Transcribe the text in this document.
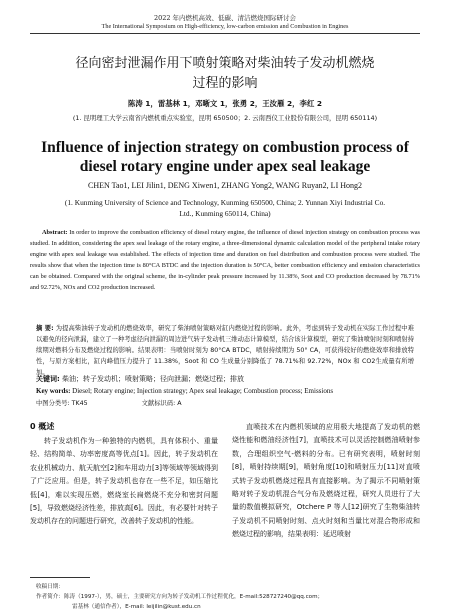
2022 年内燃机高效、低碳、清洁燃烧国际研讨会
The International Symposium on High-efficiency, low-carbon emission and Combustion in Engines
径向密封泄漏作用下喷射策略对柴油转子发动机燃烧
过程的影响
陈涛 1，雷基林 1，邓晰文 1，张勇 2，王汝雁 2，李红 2
(1. 昆明理工大学云南省内燃机重点实验室，昆明 650500；2. 云南西仪工业股份有限公司，昆明 650114)
Influence of injection strategy on combustion process of
diesel rotary engine under apex seal leakage
CHEN Tao1, LEI Jilin1, DENG Xiwen1, ZHANG Yong2, WANG Ruyan2, LI Hong2
(1. Kunming University of Science and Technology, Kunming 650500, China; 2. Yunnan Xiyi Industrial Co. Ltd., Kunming 650114, China)
Abstract: In order to improve the combustion efficiency of diesel rotary engine, the influence of diesel injection strategy on combustion process was studied. In addition, considering the apex seal leakage of the rotary engine, a three-dimensional dynamic calculation model of the peripheral intake rotary engine with apex seal leakage was established. The effects of injection time and duration on fuel distribution and combustion process were studied. The results show that when the injection time is 80°CA BTDC and the injection duration is 50°CA, better combustion efficiency and emission characteristics can be obtained. Compared with the original scheme, the in-cylinder peak pressure increased by 11.38%, Soot and CO production decreased by 78.71% and 92.72%, NOx and CO2 production increased.
摘 要: 为提高柴油转子发动机的燃烧效率，研究了柴油喷射策略对缸内燃烧过程的影响。此外，考虑到转子发动机在实际工作过程中难以避免的径向泄漏，建立了一种考虑径向泄漏的周边进气转子发动机三维动态计算模型，结合该计算模型，研究了柴油喷射时刻和喷射持续期对燃料分布及燃烧过程的影响。结果表明：当喷射时刻为 80°CA BTDC，喷射持续期为 50° CA，可获得较好的燃烧效率和排放特性，与原方案相比，缸内峰值压力提升了 11.38%，Soot 和 CO 生成量分别降低了 78.71%和 92.72%，NOx 和 CO2生成量有所增加。
关键词: 柴油；转子发动机；喷射策略；径向泄漏；燃烧过程；排放
Key words: Diesel; Rotary engine; Injection strategy; Apex seal leakage; Combustion process; Emissions
中图分类号: TK45	文献标识码: A
0 概述
转子发动机作为一种独特的内燃机，具有体积小、重量轻、结构简单、功率密度高等优点[1]。因此，转子发动机在农业机械动力、航天航空[2]和车用动力[3]等领域等领域得到了广泛应用。但是，转子发动机也存在一些不足，如压缩比低[4]，难以实现压燃，燃烧室长扁燃烧不充分和密封问题[5]，导致燃烧经济性差，排放高[6]。因此，有必要针对转子发动机存在的问题进行研究，改善转子发动机的性能。
直喷技术在内燃机领域的应用极大地提高了发动机的燃烧性能和燃油经济性[7]，直喷技术可以灵活控制燃油喷射参数，合理组织空气-燃料的分布。已有研究表明，喷射时刻[8]，喷射持续期[9]，喷射角度[10]和喷射压力[11]对直喷式转子发动机燃烧过程具有直接影响。为了揭示不同喷射策略对转子发动机混合气分布及燃烧过程，研究人员进行了大量的数值模拟研究，Otchere P 等人[12]研究了生物柴油转子发动机不同喷射时刻、点火时刻和当量比对混合物形成和燃烧过程的影响，结果表明：延迟喷射
收稿日期：
作者简介：陈涛（1997-），男，硕士，主要研究方向为转子发动机工作过程优化，E-mail:528727240@qq.com；
雷基林（通信作者），E-mail: leijilin@kust.edu.cn
